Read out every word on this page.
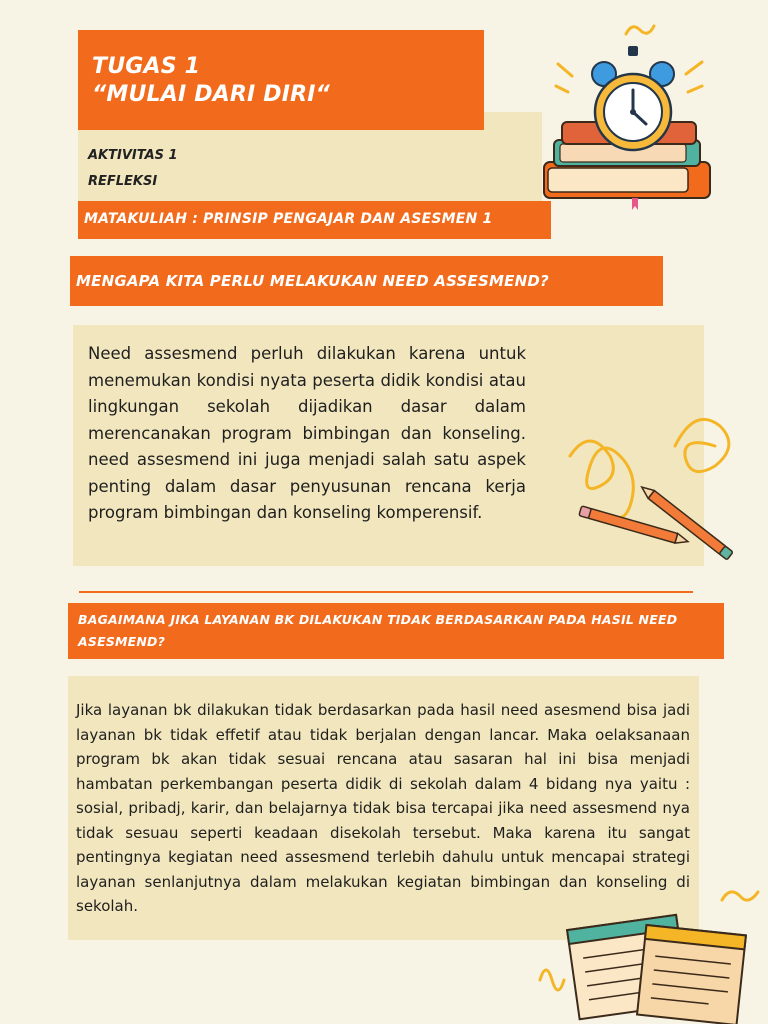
AKTIVITAS 1
REFLEKSI
TUGAS 1
“MULAI DARI DIRI“
MATAKULIAH : PRINSIP PENGAJAR DAN ASESMEN 1
MENGAPA KITA PERLU MELAKUKAN NEED ASSESMEND?

Need assesmend perluh dilakukan karena untuk menemukan kondisi nyata peserta didik kondisi atau lingkungan sekolah dijadikan dasar dalam merencanakan program bimbingan dan konseling. need assesmend ini juga menjadi salah satu aspek penting dalam dasar penyusunan rencana kerja program bimbingan dan konseling komperensif.

BAGAIMANA JIKA LAYANAN BK DILAKUKAN TIDAK BERDASARKAN PADA HASIL NEED ASESMEND?

Jika layanan bk dilakukan tidak berdasarkan pada hasil need asesmend bisa jadi layanan bk tidak effetif atau tidak berjalan dengan lancar. Maka oelaksanaan program bk akan tidak sesuai rencana atau sasaran hal ini bisa menjadi hambatan perkembangan peserta didik di sekolah dalam 4 bidang nya yaitu : sosial, pribadj, karir, dan belajarnya tidak bisa tercapai jika need assesmend nya tidak sesuau seperti keadaan disekolah tersebut. Maka karena itu sangat pentingnya kegiatan need assesmend terlebih dahulu untuk mencapai strategi layanan senlanjutnya dalam melakukan kegiatan bimbingan dan konseling di sekolah.
